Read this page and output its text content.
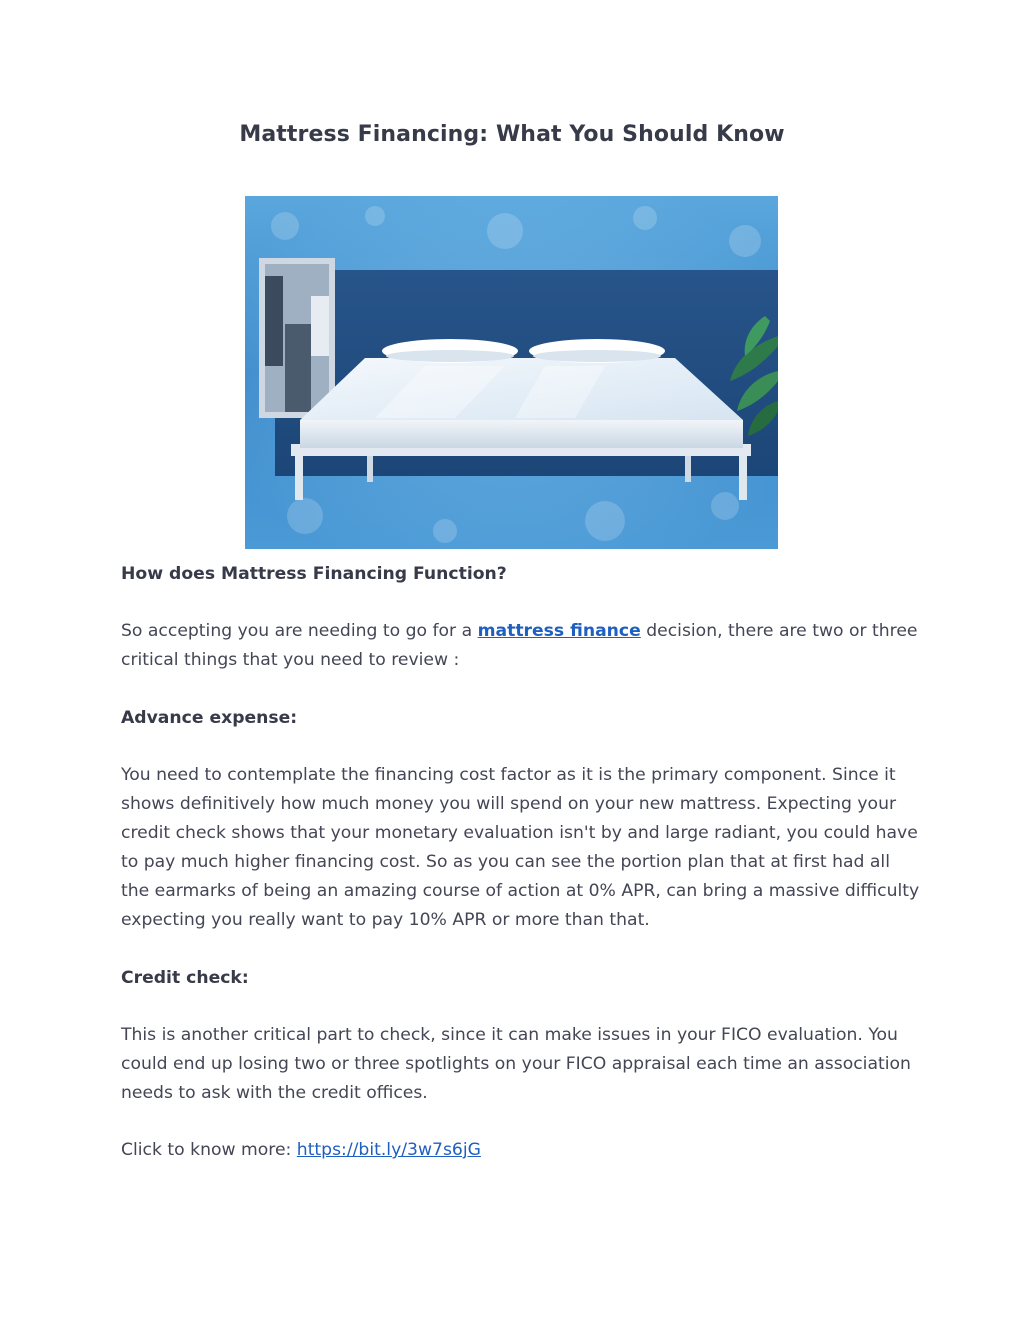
Mattress Financing: What You Should Know

How does Mattress Financing Function?

So accepting you are needing to go for a mattress finance decision, there are two or three
critical things that you need to review :

Advance expense:

You need to contemplate the financing cost factor as it is the primary component. Since it
shows definitively how much money you will spend on your new mattress. Expecting your
credit check shows that your monetary evaluation isn't by and large radiant, you could have
to pay much higher financing cost. So as you can see the portion plan that at first had all
the earmarks of being an amazing course of action at 0% APR, can bring a massive difficulty
expecting you really want to pay 10% APR or more than that.

Credit check:

This is another critical part to check, since it can make issues in your FICO evaluation. You
could end up losing two or three spotlights on your FICO appraisal each time an association
needs to ask with the credit offices.

Click to know more: https://bit.ly/3w7s6jG
